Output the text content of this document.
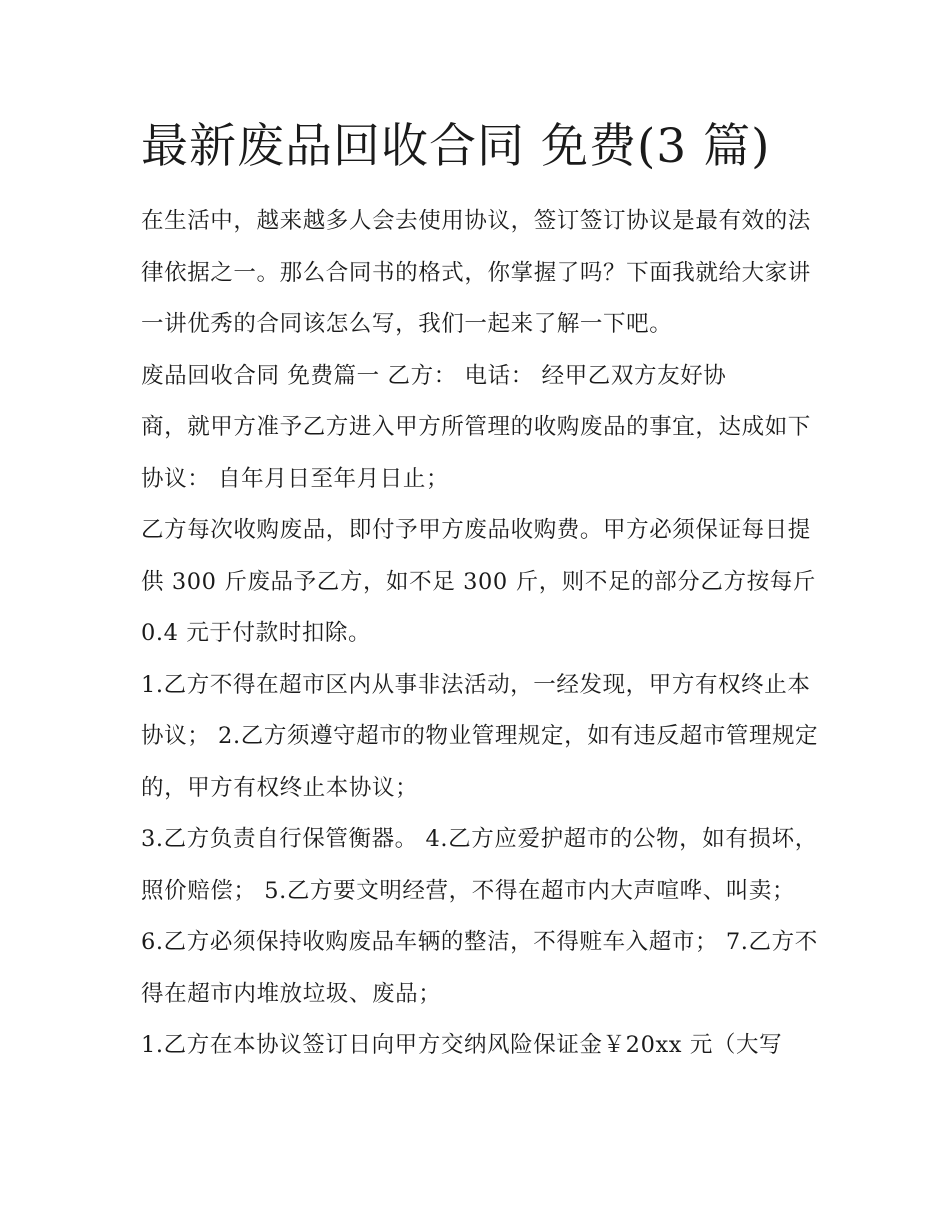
最新废品回收合同 免费(3 篇)

在生活中，越来越多人会去使用协议，签订签订协议是最有效的法律依据之一。那么合同书的格式，你掌握了吗？下面我就给大家讲一讲优秀的合同该怎么写，我们一起来了解一下吧。

废品回收合同 免费篇一 乙方： 电话： 经甲乙双方友好协

商，就甲方准予乙方进入甲方所管理的收购废品的事宜，达成如下协议： 自年月日至年月日止；

乙方每次收购废品，即付予甲方废品收购费。甲方必须保证每日提供 300 斤废品予乙方，如不足 300 斤，则不足的部分乙方按每斤 0.4 元于付款时扣除。

1.乙方不得在超市区内从事非法活动，一经发现，甲方有权终止本协议； 2.乙方须遵守超市的物业管理规定，如有违反超市管理规定的，甲方有权终止本协议；

3.乙方负责自行保管衡器。 4.乙方应爱护超市的公物，如有损坏，照价赔偿； 5.乙方要文明经营，不得在超市内大声喧哗、叫卖；

6.乙方必须保持收购废品车辆的整洁，不得赃车入超市； 7.乙方不得在超市内堆放垃圾、废品；

1.乙方在本协议签订日向甲方交纳风险保证金￥20xx 元（大写
